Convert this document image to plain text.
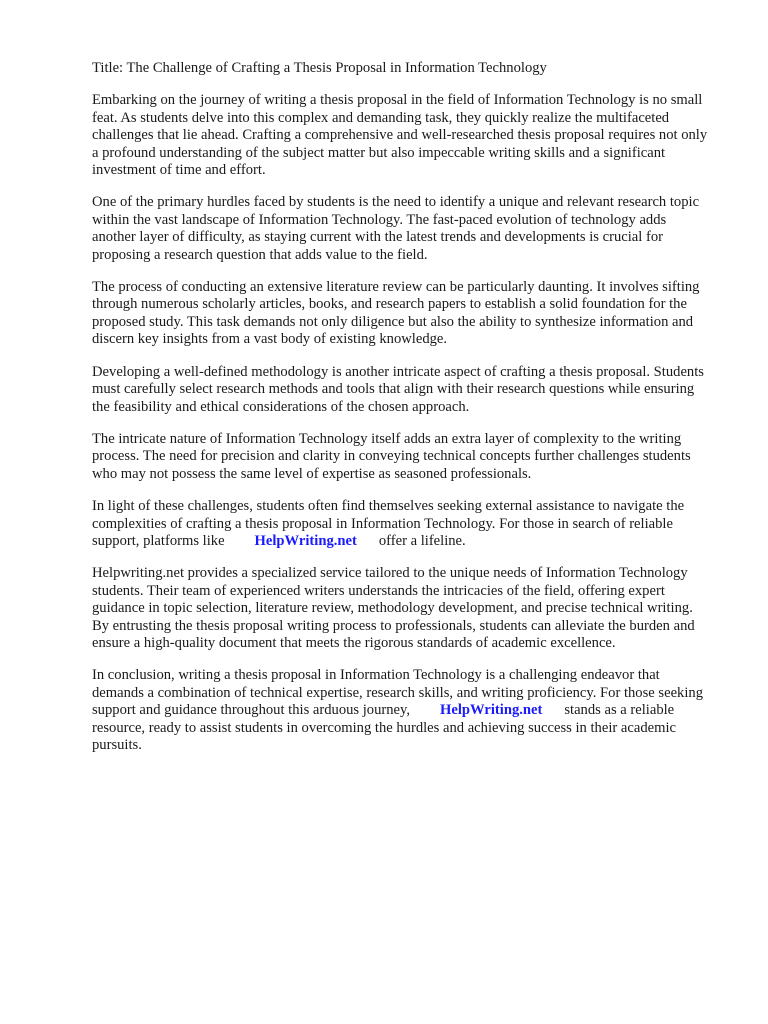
Title: The Challenge of Crafting a Thesis Proposal in Information Technology

Embarking on the journey of writing a thesis proposal in the field of Information Technology is no small feat. As students delve into this complex and demanding task, they quickly realize the multifaceted challenges that lie ahead. Crafting a comprehensive and well-researched thesis proposal requires not only a profound understanding of the subject matter but also impeccable writing skills and a significant investment of time and effort.

One of the primary hurdles faced by students is the need to identify a unique and relevant research topic within the vast landscape of Information Technology. The fast-paced evolution of technology adds another layer of difficulty, as staying current with the latest trends and developments is crucial for proposing a research question that adds value to the field.

The process of conducting an extensive literature review can be particularly daunting. It involves sifting through numerous scholarly articles, books, and research papers to establish a solid foundation for the proposed study. This task demands not only diligence but also the ability to synthesize information and discern key insights from a vast body of existing knowledge.

Developing a well-defined methodology is another intricate aspect of crafting a thesis proposal. Students must carefully select research methods and tools that align with their research questions while ensuring the feasibility and ethical considerations of the chosen approach.

The intricate nature of Information Technology itself adds an extra layer of complexity to the writing process. The need for precision and clarity in conveying technical concepts further challenges students who may not possess the same level of expertise as seasoned professionals.

In light of these challenges, students often find themselves seeking external assistance to navigate the complexities of crafting a thesis proposal in Information Technology. For those in search of reliable support, platforms like HelpWriting.net offer a lifeline.

Helpwriting.net provides a specialized service tailored to the unique needs of Information Technology students. Their team of experienced writers understands the intricacies of the field, offering expert guidance in topic selection, literature review, methodology development, and precise technical writing. By entrusting the thesis proposal writing process to professionals, students can alleviate the burden and ensure a high-quality document that meets the rigorous standards of academic excellence.

In conclusion, writing a thesis proposal in Information Technology is a challenging endeavor that demands a combination of technical expertise, research skills, and writing proficiency. For those seeking support and guidance throughout this arduous journey, HelpWriting.net stands as a reliable resource, ready to assist students in overcoming the hurdles and achieving success in their academic pursuits.
